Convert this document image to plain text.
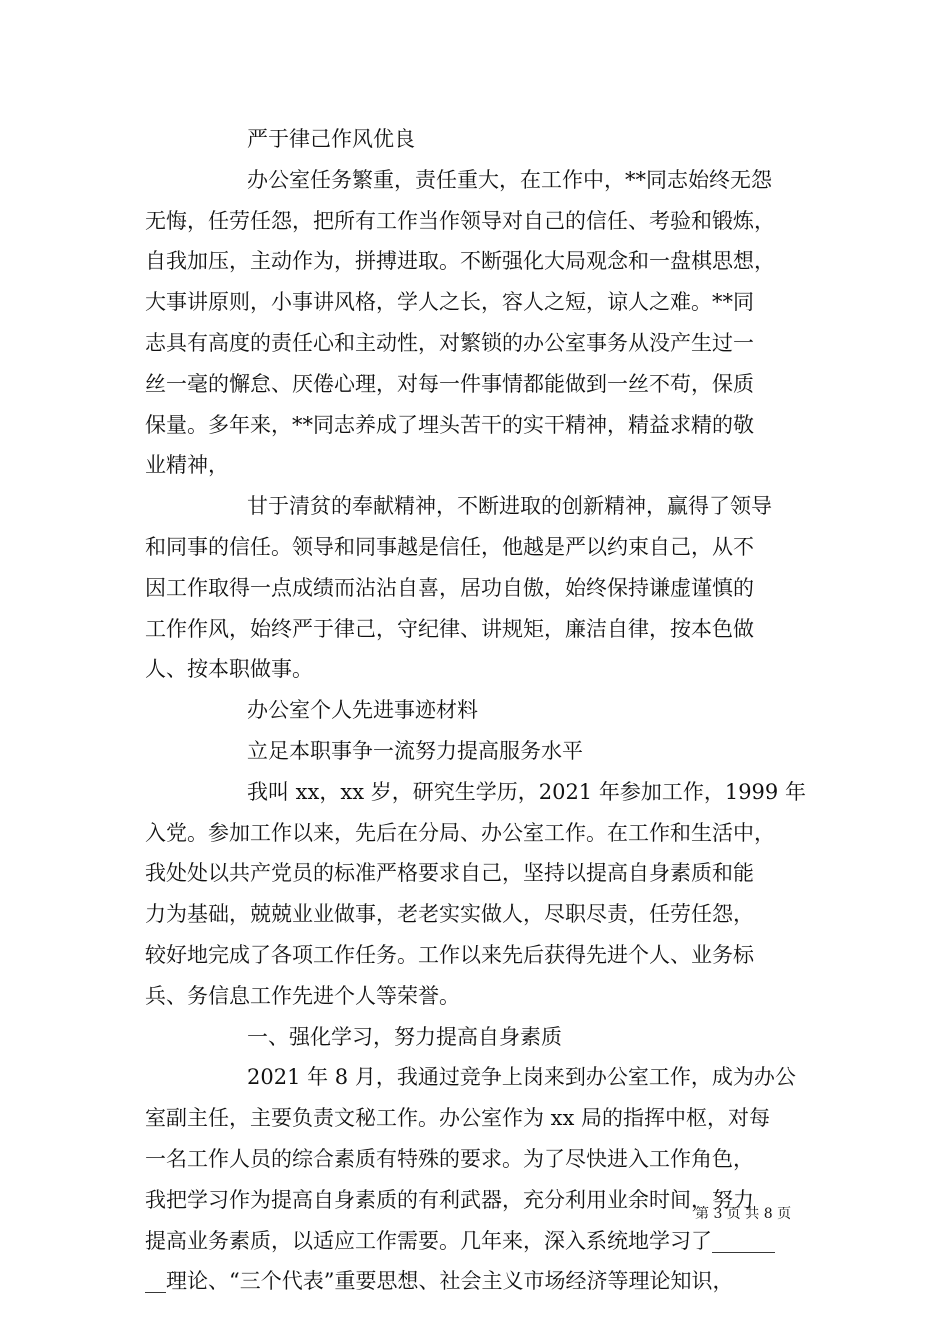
严于律己作风优良
办公室任务繁重，责任重大，在工作中，**同志始终无怨
无悔，任劳任怨，把所有工作当作领导对自己的信任、考验和锻炼，
自我加压，主动作为，拼搏进取。不断强化大局观念和一盘棋思想，
大事讲原则，小事讲风格，学人之长，容人之短，谅人之难。**同
志具有高度的责任心和主动性，对繁锁的办公室事务从没产生过一
丝一毫的懈怠、厌倦心理，对每一件事情都能做到一丝不苟，保质
保量。多年来，**同志养成了埋头苦干的实干精神，精益求精的敬
业精神，
甘于清贫的奉献精神，不断进取的创新精神，赢得了领导
和同事的信任。领导和同事越是信任，他越是严以约束自己，从不
因工作取得一点成绩而沾沾自喜，居功自傲，始终保持谦虚谨慎的
工作作风，始终严于律己，守纪律、讲规矩，廉洁自律，按本色做
人、按本职做事。
办公室个人先进事迹材料
立足本职事争一流努力提高服务水平
我叫 xx，xx 岁，研究生学历，2021 年参加工作，1999 年
入党。参加工作以来，先后在分局、办公室工作。在工作和生活中，
我处处以共产党员的标准严格要求自己，坚持以提高自身素质和能
力为基础，兢兢业业做事，老老实实做人，尽职尽责，任劳任怨，
较好地完成了各项工作任务。工作以来先后获得先进个人、业务标
兵、务信息工作先进个人等荣誉。
一、强化学习，努力提高自身素质
2021 年 8 月，我通过竞争上岗来到办公室工作，成为办公
室副主任，主要负责文秘工作。办公室作为 xx 局的指挥中枢，对每
一名工作人员的综合素质有特殊的要求。为了尽快进入工作角色，
我把学习作为提高自身素质的有利武器，充分利用业余时间，努力
提高业务素质，以适应工作需要。几年来，深入系统地学习了______
__理论、“三个代表”重要思想、社会主义市场经济等理论知识，
第 3 页 共 8 页
